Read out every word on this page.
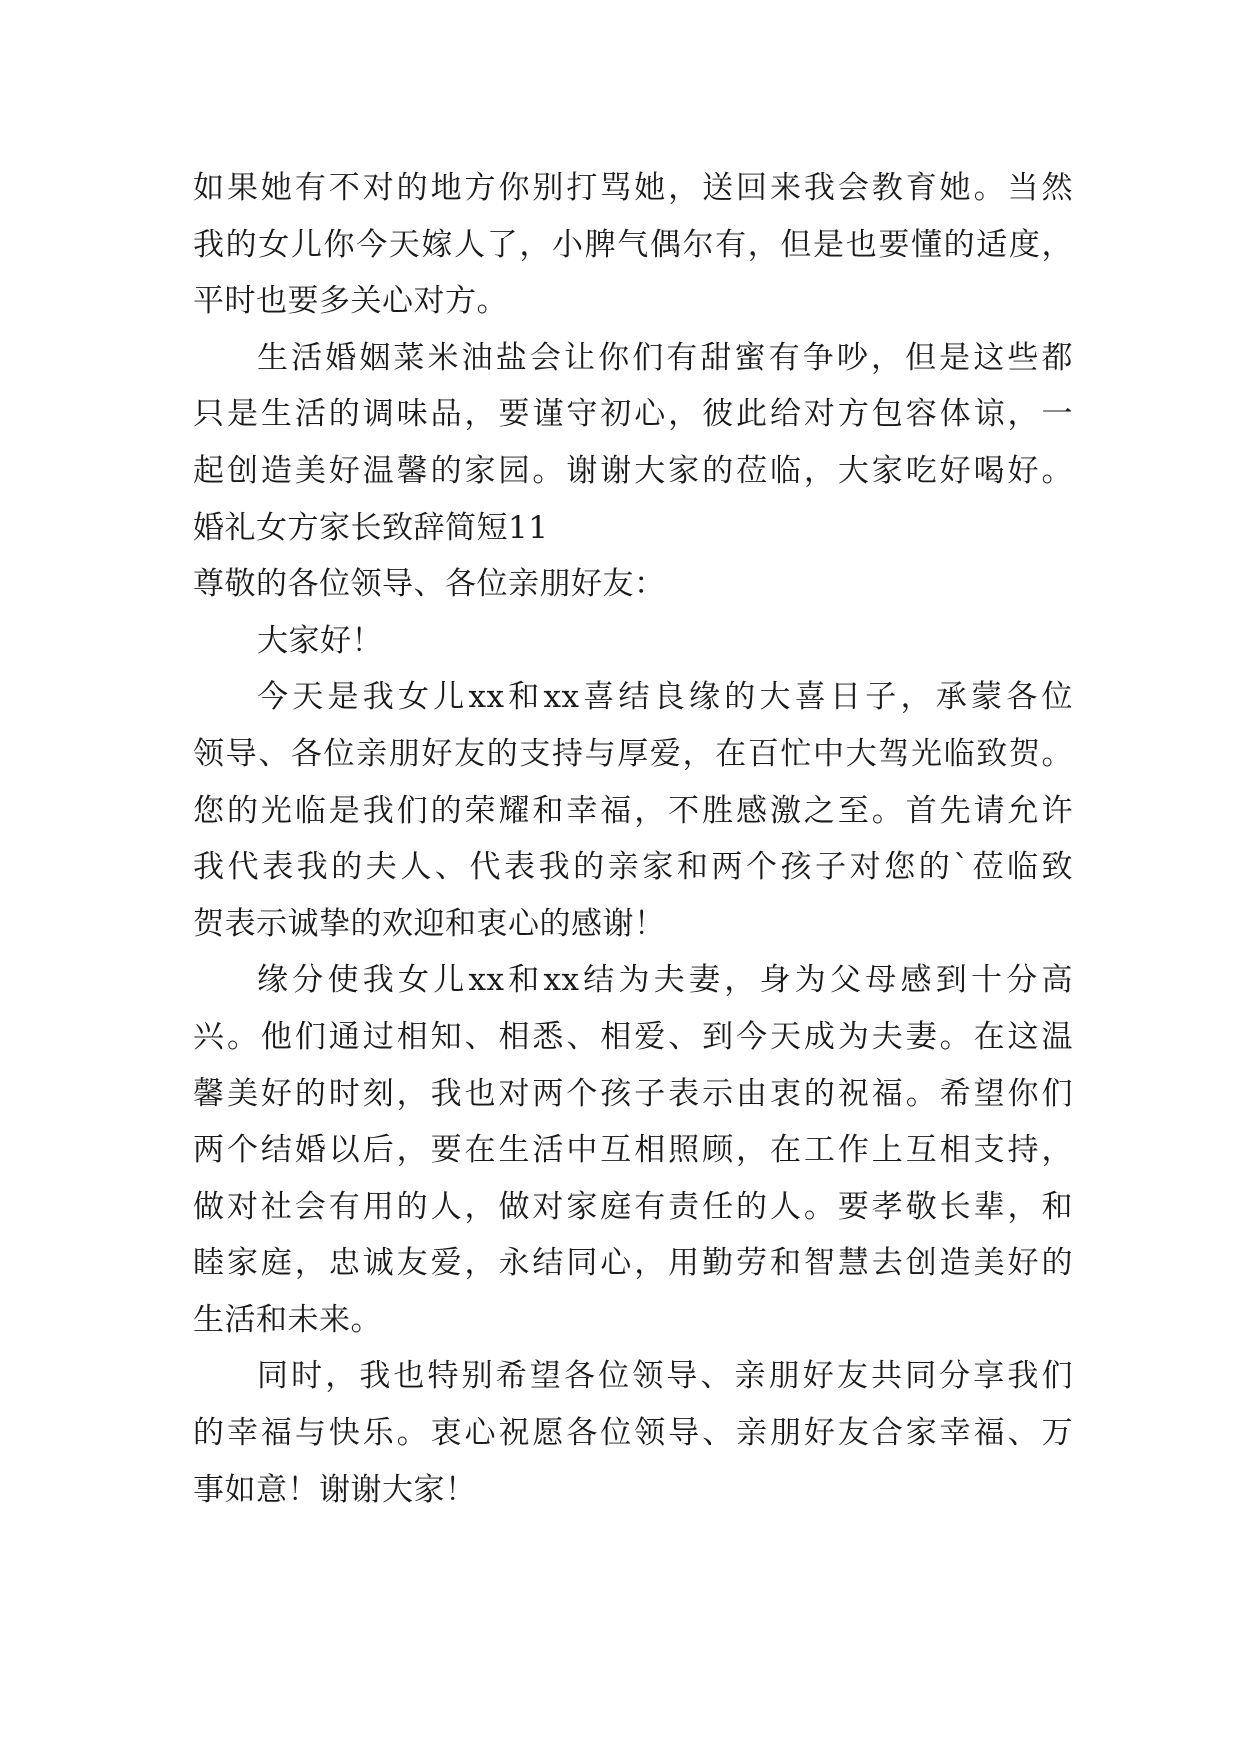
如果她有不对的地方你别打骂她，送回来我会教育她。当然
我的女儿你今天嫁人了，小脾气偶尔有，但是也要懂的适度，
平时也要多关心对方。
生活婚姻菜米油盐会让你们有甜蜜有争吵，但是这些都
只是生活的调味品，要谨守初心，彼此给对方包容体谅，一
起创造美好温馨的家园。谢谢大家的莅临，大家吃好喝好。
婚礼女方家长致辞简短11
尊敬的各位领导、各位亲朋好友：
大家好！
今天是我女儿xx和xx喜结良缘的大喜日子，承蒙各位
领导、各位亲朋好友的支持与厚爱，在百忙中大驾光临致贺。
您的光临是我们的荣耀和幸福，不胜感激之至。首先请允许
我代表我的夫人、代表我的亲家和两个孩子对您的`莅临致
贺表示诚挚的欢迎和衷心的感谢！
缘分使我女儿xx和xx结为夫妻，身为父母感到十分高
兴。他们通过相知、相悉、相爱、到今天成为夫妻。在这温
馨美好的时刻，我也对两个孩子表示由衷的祝福。希望你们
两个结婚以后，要在生活中互相照顾，在工作上互相支持，
做对社会有用的人，做对家庭有责任的人。要孝敬长辈，和
睦家庭，忠诚友爱，永结同心，用勤劳和智慧去创造美好的
生活和未来。
同时，我也特别希望各位领导、亲朋好友共同分享我们
的幸福与快乐。衷心祝愿各位领导、亲朋好友合家幸福、万
事如意！谢谢大家！
